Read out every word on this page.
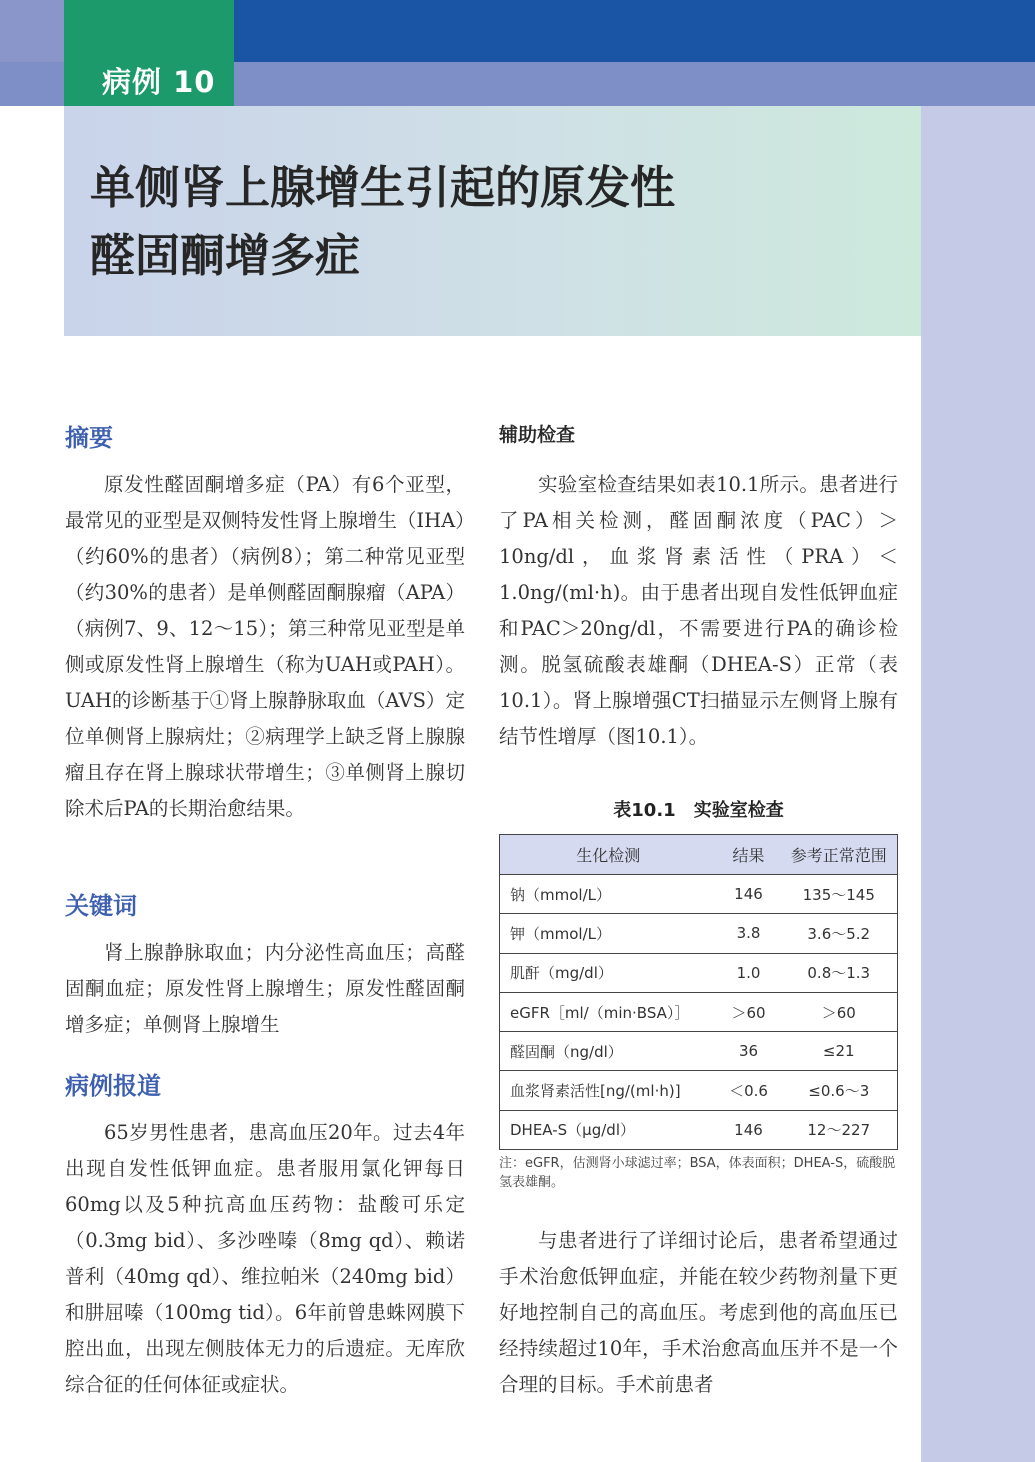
病例 10
单侧肾上腺增生引起的原发性
醛固酮增多症
摘要

原发性醛固酮增多症（PA）有6个亚型，最常见的亚型是双侧特发性肾上腺增生（IHA）（约60%的患者）（病例8）；第二种常见亚型（约30%的患者）是单侧醛固酮腺瘤（APA）（病例7、9、12～15）；第三种常见亚型是单侧或原发性肾上腺增生（称为UAH或PAH）。UAH的诊断基于①肾上腺静脉取血（AVS）定位单侧肾上腺病灶；②病理学上缺乏肾上腺腺瘤且存在肾上腺球状带增生；③单侧肾上腺切除术后PA的长期治愈结果。

关键词

肾上腺静脉取血；内分泌性高血压；高醛固酮血症；原发性肾上腺增生；原发性醛固酮增多症；单侧肾上腺增生

病例报道

65岁男性患者，患高血压20年。过去4年出现自发性低钾血症。患者服用氯化钾每日60mg以及5种抗高血压药物：盐酸可乐定（0.3mg bid）、多沙唑嗪（8mg qd）、赖诺普利（40mg qd）、维拉帕米（240mg bid）和肼屈嗪（100mg tid）。6年前曾患蛛网膜下腔出血，出现左侧肢体无力的后遗症。无库欣综合征的任何体征或症状。

辅助检查

实验室检查结果如表10.1所示。患者进行了PA相关检测，醛固酮浓度（PAC）＞10ng/dl，血浆肾素活性（PRA）＜1.0ng/(ml·h)。由于患者出现自发性低钾血症和PAC＞20ng/dl，不需要进行PA的确诊检测。脱氢硫酸表雄酮（DHEA-S）正常（表10.1）。肾上腺增强CT扫描显示左侧肾上腺有结节性增厚（图10.1）。

表10.1　实验室检查
生化检测	结果	参考正常范围
钠（mmol/L）	146	135～145
钾（mmol/L）	3.8	3.6～5.2
肌酐（mg/dl）	1.0	0.8～1.3
eGFR［ml/（min·BSA）］	＞60	＞60
醛固酮（ng/dl）	36	≤21
血浆肾素活性[ng/(ml·h)]	＜0.6	≤0.6～3
DHEA-S（μg/dl）	146	12～227
注：eGFR，估测肾小球滤过率；BSA，体表面积；DHEA-S，硫酸脱氢表雄酮。

与患者进行了详细讨论后，患者希望通过手术治愈低钾血症，并能在较少药物剂量下更好地控制自己的高血压。考虑到他的高血压已经持续超过10年，手术治愈高血压并不是一个合理的目标。手术前患者
